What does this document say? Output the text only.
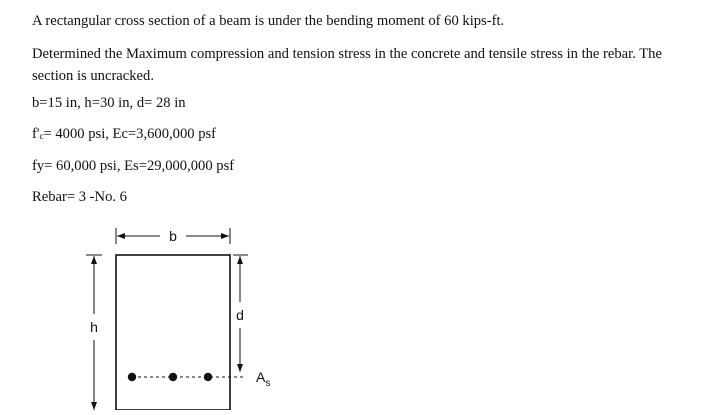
A rectangular cross section of a beam is under the bending moment of 60 kips-ft.
Determined the Maximum compression and tension stress in the concrete and tensile stress in the rebar. The section is uncracked.
b=15 in, h=30 in, d= 28 in
$f'_c= 4000$ psi, Ec=3,600,000 psf
fy= 60,000 psi, Es=29,000,000 psf
Rebar= 3 -No. 6
b
h
d
$A_s$
